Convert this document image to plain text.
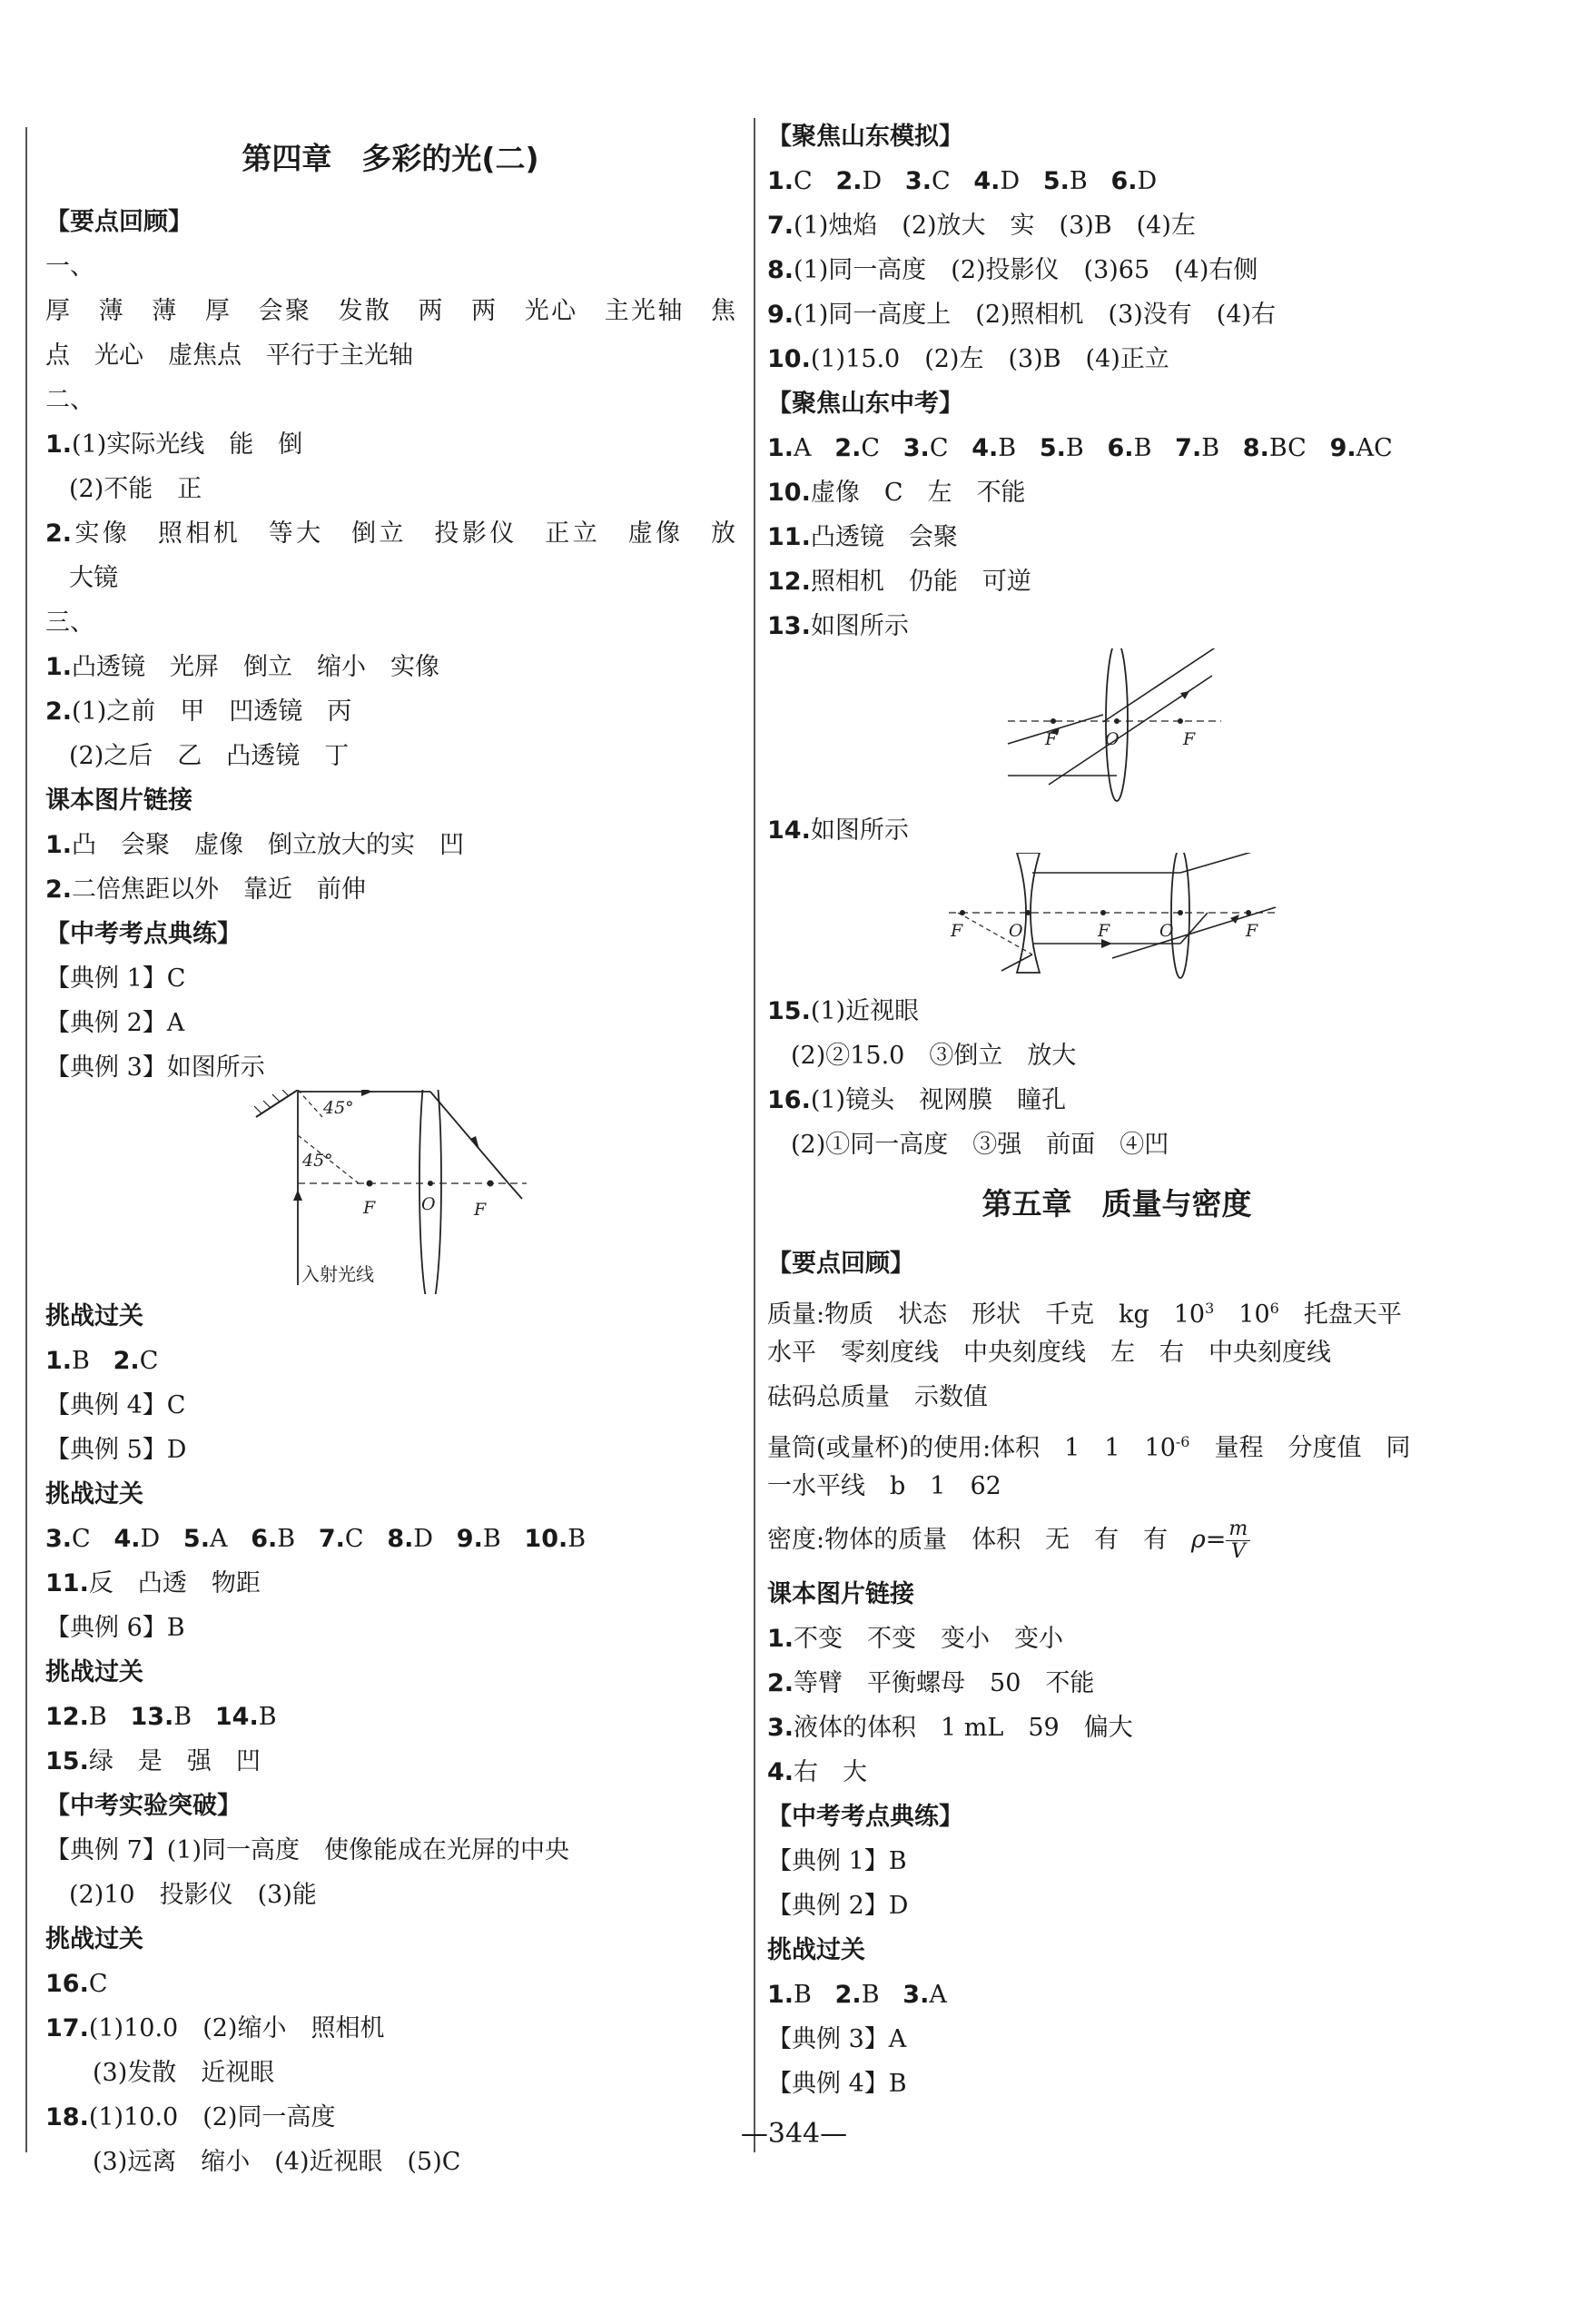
第四章　多彩的光(二)
【要点回顾】
一、
厚　薄　薄　厚　会聚　发散　两　两　光心　主光轴　焦
点　光心　虚焦点　平行于主光轴
二、
1.(1)实际光线　能　倒
(2)不能　正
2.实像　照相机　等大　倒立　投影仪　正立　虚像　放
大镜
三、
1.凸透镜　光屏　倒立　缩小　实像
2.(1)之前　甲　凹透镜　丙
(2)之后　乙　凸透镜　丁
课本图片链接
1.凸　会聚　虚像　倒立放大的实　凹
2.二倍焦距以外　靠近　前伸
【中考考点典练】
【典例 1】C
【典例 2】A
【典例 3】如图所示
45°
45°
F	O F
入射光线
挑战过关
1.B 2.C
【典例 4】C
【典例 5】D
挑战过关
3.C 4.D 5.A 6.B 7.C 8.D 9.B 10.B
11.反　凸透　物距
【典例 6】B
挑战过关
12.B 13.B 14.B
15.绿　是　强　凹
【中考实验突破】
【典例 7】(1)同一高度　使像能成在光屏的中央
(2)10　投影仪　(3)能
挑战过关
16.C
17.(1)10.0　(2)缩小　照相机
(3)发散　近视眼
18.(1)10.0　(2)同一高度
(3)远离　缩小　(4)近视眼　(5)C
【聚焦山东模拟】
1.C 2.D 3.C 4.D 5.B 6.D
7.(1)烛焰　(2)放大　实　(3)B　(4)左
8.(1)同一高度　(2)投影仪　(3)65　(4)右侧
9.(1)同一高度上　(2)照相机　(3)没有　(4)右
10.(1)15.0　(2)左　(3)B　(4)正立
【聚焦山东中考】
1.A 2.C 3.C 4.B 5.B 6.B 7.B 8.BC 9.AC
10.虚像　C　左　不能
11.凸透镜　会聚
12.照相机　仍能　可逆
13.如图所示
F	O	F
14.如图所示
F	O	F	O	F
15.(1)近视眼
(2)②15.0　③倒立　放大
16.(1)镜头　视网膜　瞳孔
(2)①同一高度　③强　前面　④凹
第五章　质量与密度
【要点回顾】
质量:物质　状态　形状　千克　kg　$10^3$　$10^6$　托盘天平
水平　零刻度线　中央刻度线　左　右　中央刻度线
砝码总质量　示数值
量筒(或量杯)的使用:体积　1　1　$10^{-6}$　量程　分度值　同
一水平线　b　1　62
密度:物体的质量　体积　无　有　有 $\rho= \frac{m}{V}$
课本图片链接
1.不变　不变　变小　变小
2.等臂　平衡螺母　50　不能
3.液体的体积　1 mL　59　偏大
4.右　大
【中考考点典练】
【典例 1】B
【典例 2】D
挑战过关
1.B 2.B 3.A
【典例 3】A
【典例 4】B
—344—
